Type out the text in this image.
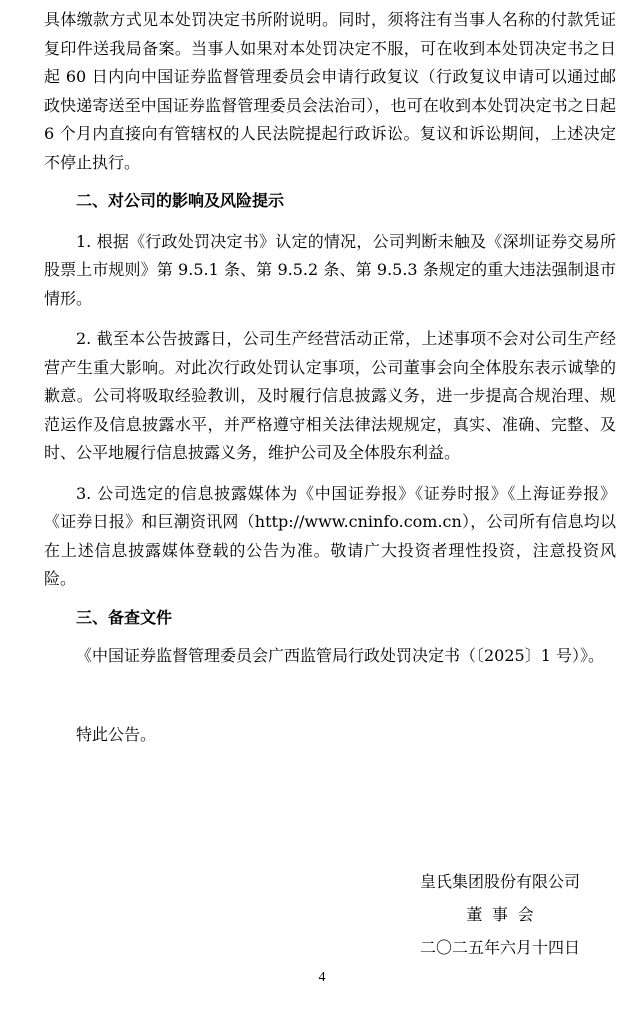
具体缴款方式见本处罚决定书所附说明。同时，须将注有当事人名称的付款凭证复印件送我局备案。当事人如果对本处罚决定不服，可在收到本处罚决定书之日起 60 日内向中国证券监督管理委员会申请行政复议（行政复议申请可以通过邮政快递寄送至中国证券监督管理委员会法治司），也可在收到本处罚决定书之日起 6 个月内直接向有管辖权的人民法院提起行政诉讼。复议和诉讼期间，上述决定不停止执行。

二、对公司的影响及风险提示

1. 根据《行政处罚决定书》认定的情况，公司判断未触及《深圳证券交易所股票上市规则》第 9.5.1 条、第 9.5.2 条、第 9.5.3 条规定的重大违法强制退市情形。

2. 截至本公告披露日，公司生产经营活动正常，上述事项不会对公司生产经营产生重大影响。对此次行政处罚认定事项，公司董事会向全体股东表示诚挚的歉意。公司将吸取经验教训，及时履行信息披露义务，进一步提高合规治理、规范运作及信息披露水平，并严格遵守相关法律法规规定，真实、准确、完整、及时、公平地履行信息披露义务，维护公司及全体股东利益。

3. 公司选定的信息披露媒体为《中国证券报》《证券时报》《上海证券报》《证券日报》和巨潮资讯网（http://www.cninfo.com.cn），公司所有信息均以在上述信息披露媒体登载的公告为准。敬请广大投资者理性投资，注意投资风险。

三、备查文件

《中国证券监督管理委员会广西监管局行政处罚决定书（〔2025〕1 号）》。

特此公告。

皇氏集团股份有限公司
董事会
二〇二五年六月十四日
4
